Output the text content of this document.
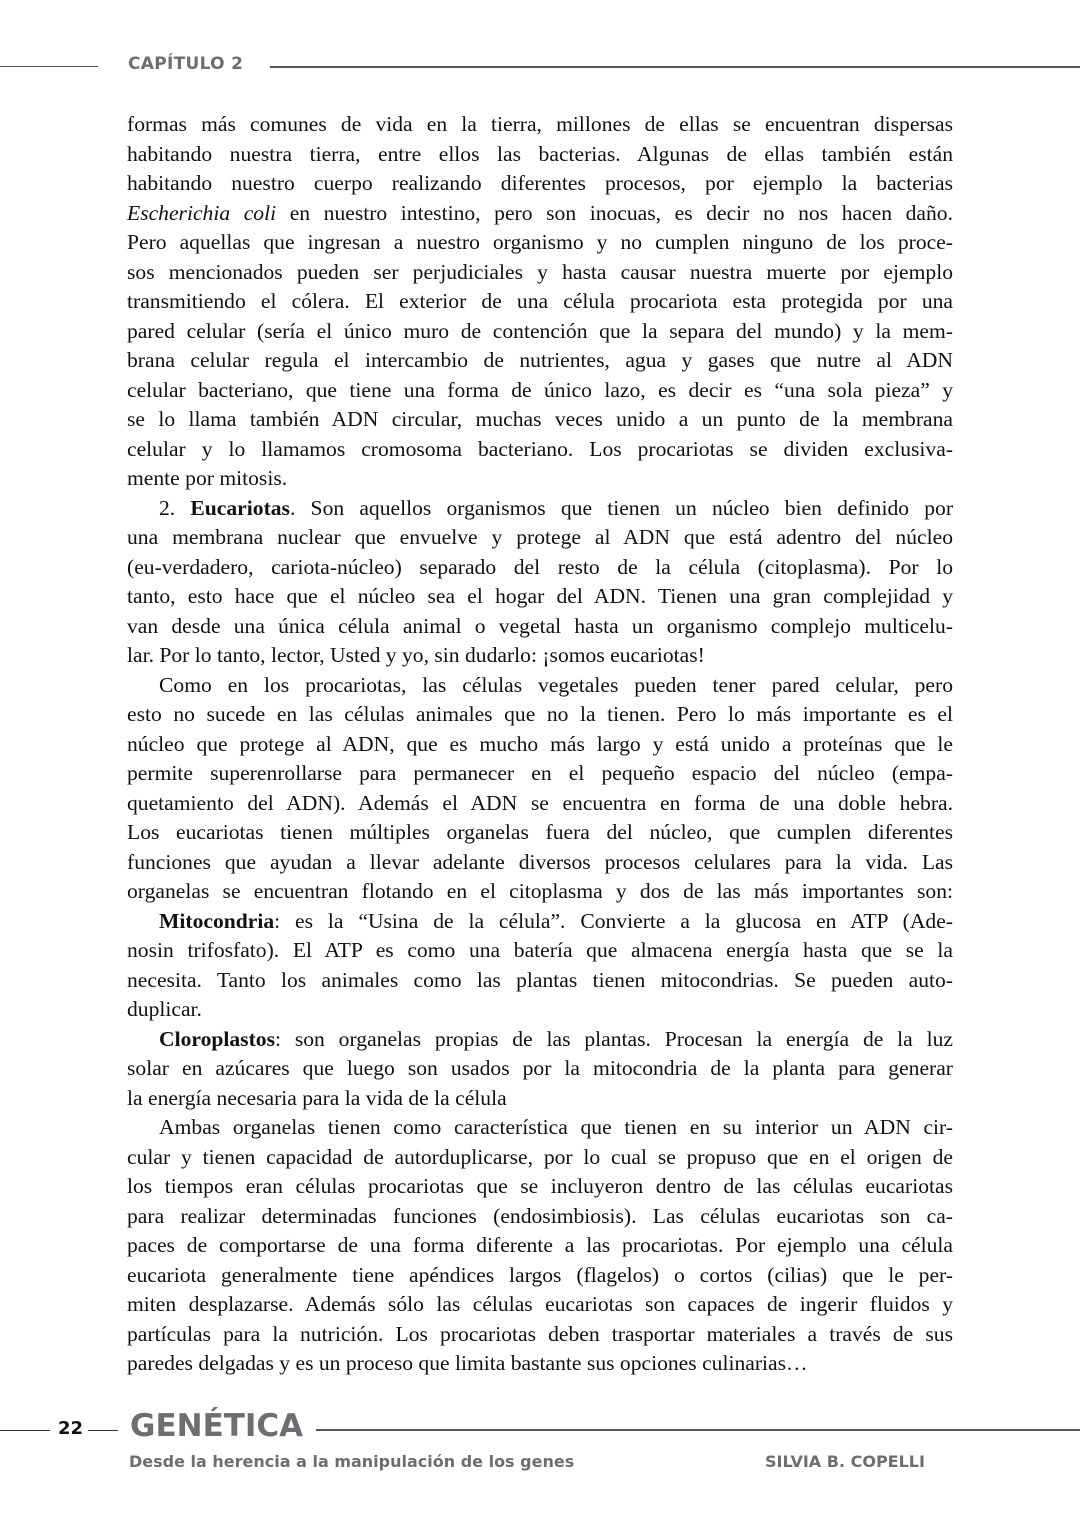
CAPÍTULO 2
formas más comunes de vida en la tierra, millones de ellas se encuentran dispersas
habitando nuestra tierra, entre ellos las bacterias. Algunas de ellas también están
habitando nuestro cuerpo realizando diferentes procesos, por ejemplo la bacterias
Escherichia coli en nuestro intestino, pero son inocuas, es decir no nos hacen daño.
Pero aquellas que ingresan a nuestro organismo y no cumplen ninguno de los proce-
sos mencionados pueden ser perjudiciales y hasta causar nuestra muerte por ejemplo
transmitiendo el cólera. El exterior de una célula procariota esta protegida por una
pared celular (sería el único muro de contención que la separa del mundo) y la mem-
brana celular regula el intercambio de nutrientes, agua y gases que nutre al ADN
celular bacteriano, que tiene una forma de único lazo, es decir es “una sola pieza” y
se lo llama también ADN circular, muchas veces unido a un punto de la membrana
celular y lo llamamos cromosoma bacteriano. Los procariotas se dividen exclusiva-
mente por mitosis.
2. Eucariotas. Son aquellos organismos que tienen un núcleo bien definido por
una membrana nuclear que envuelve y protege al ADN que está adentro del núcleo
(eu-verdadero, cariota-núcleo) separado del resto de la célula (citoplasma). Por lo
tanto, esto hace que el núcleo sea el hogar del ADN. Tienen una gran complejidad y
van desde una única célula animal o vegetal hasta un organismo complejo multicelu-
lar. Por lo tanto, lector, Usted y yo, sin dudarlo: ¡somos eucariotas!
Como en los procariotas, las células vegetales pueden tener pared celular, pero
esto no sucede en las células animales que no la tienen. Pero lo más importante es el
núcleo que protege al ADN, que es mucho más largo y está unido a proteínas que le
permite superenrollarse para permanecer en el pequeño espacio del núcleo (empa-
quetamiento del ADN). Además el ADN se encuentra en forma de una doble hebra.
Los eucariotas tienen múltiples organelas fuera del núcleo, que cumplen diferentes
funciones que ayudan a llevar adelante diversos procesos celulares para la vida. Las
organelas se encuentran flotando en el citoplasma y dos de las más importantes son:
Mitocondria: es la “Usina de la célula”. Convierte a la glucosa en ATP (Ade-
nosin trifosfato). El ATP es como una batería que almacena energía hasta que se la
necesita. Tanto los animales como las plantas tienen mitocondrias. Se pueden auto-
duplicar.
Cloroplastos: son organelas propias de las plantas. Procesan la energía de la luz
solar en azúcares que luego son usados por la mitocondria de la planta para generar
la energía necesaria para la vida de la célula
Ambas organelas tienen como característica que tienen en su interior un ADN cir-
cular y tienen capacidad de autorduplicarse, por lo cual se propuso que en el origen de
los tiempos eran células procariotas que se incluyeron dentro de las células eucariotas
para realizar determinadas funciones (endosimbiosis). Las células eucariotas son ca-
paces de comportarse de una forma diferente a las procariotas. Por ejemplo una célula
eucariota generalmente tiene apéndices largos (flagelos) o cortos (cilias) que le per-
miten desplazarse. Además sólo las células eucariotas son capaces de ingerir fluidos y
partículas para la nutrición. Los procariotas deben trasportar materiales a través de sus
paredes delgadas y es un proceso que limita bastante sus opciones culinarias…
22 GENÉTICA
Desde la herencia a la manipulación de los genes	SILVIA B. COPELLI
